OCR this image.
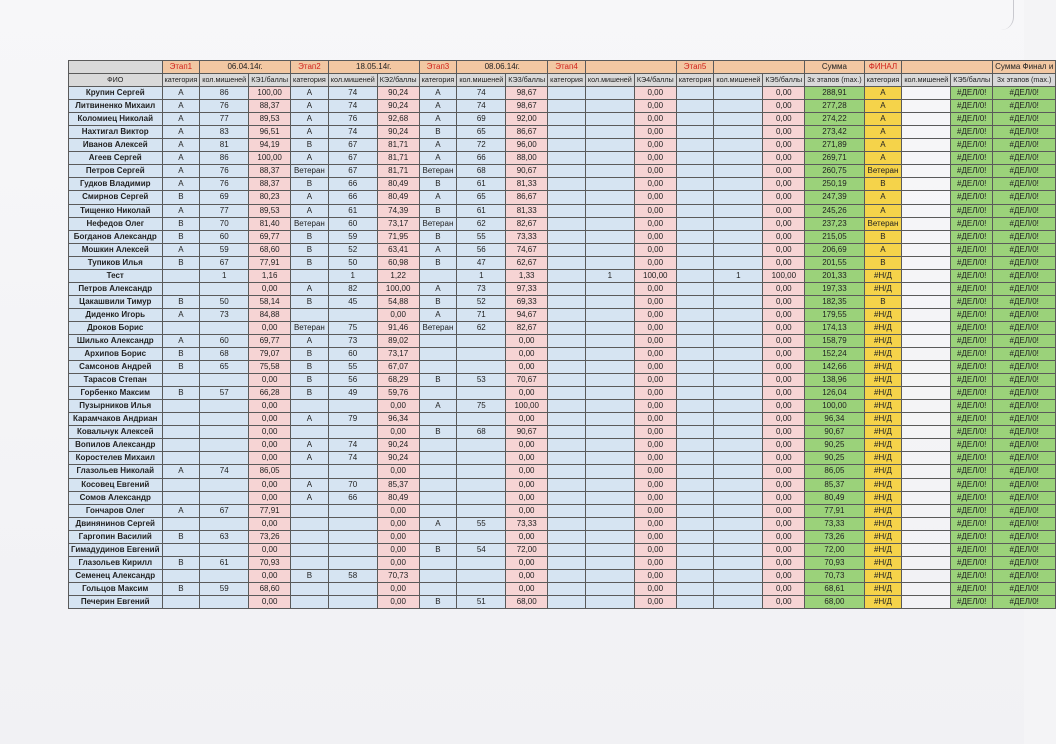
	Этап1	06.04.14г.		Этап2	18.05.14г.		Этап3	08.06.14г.		Этап4			Этап5			Сумма	ФИНАЛ			Сумма Финал и
ФИО	категория	кол.мишеней	КЭ1/баллы	категория	кол.мишеней	КЭ2/баллы	категория	кол.мишеней	КЭ3/баллы	категория	кол.мишеней	КЭ4/баллы	категория	кол.мишеней	КЭ5/баллы	3х этапов (max.)	категория	кол.мишеней	КЭ5/баллы	3х этапов (max.)
Крупин Сергей	А	86	100,00	А	74	90,24	А	74	98,67			0,00			0,00	288,91	А		#ДЕЛ/0!	#ДЕЛ/0!
Литвиненко Михаил	А	76	88,37	А	74	90,24	А	74	98,67			0,00			0,00	277,28	А		#ДЕЛ/0!	#ДЕЛ/0!
Коломиец Николай	А	77	89,53	А	76	92,68	А	69	92,00			0,00			0,00	274,22	А		#ДЕЛ/0!	#ДЕЛ/0!
Нахтигал Виктор	А	83	96,51	А	74	90,24	В	65	86,67			0,00			0,00	273,42	А		#ДЕЛ/0!	#ДЕЛ/0!
Иванов Алексей	А	81	94,19	В	67	81,71	А	72	96,00			0,00			0,00	271,89	А		#ДЕЛ/0!	#ДЕЛ/0!
Агеев Сергей	А	86	100,00	А	67	81,71	А	66	88,00			0,00			0,00	269,71	А		#ДЕЛ/0!	#ДЕЛ/0!
Петров Сергей	А	76	88,37	Ветеран	67	81,71	Ветеран	68	90,67			0,00			0,00	260,75	Ветеран		#ДЕЛ/0!	#ДЕЛ/0!
Гудков Владимир	А	76	88,37	В	66	80,49	В	61	81,33			0,00			0,00	250,19	В		#ДЕЛ/0!	#ДЕЛ/0!
Смирнов Сергей	В	69	80,23	А	66	80,49	А	65	86,67			0,00			0,00	247,39	А		#ДЕЛ/0!	#ДЕЛ/0!
Тищенко Николай	А	77	89,53	А	61	74,39	В	61	81,33			0,00			0,00	245,26	А		#ДЕЛ/0!	#ДЕЛ/0!
Нефедов Олег	В	70	81,40	Ветеран	60	73,17	Ветеран	62	82,67			0,00			0,00	237,23	Ветеран		#ДЕЛ/0!	#ДЕЛ/0!
Богданов Александр	В	60	69,77	В	59	71,95	В	55	73,33			0,00			0,00	215,05	В		#ДЕЛ/0!	#ДЕЛ/0!
Мошкин Алексей	А	59	68,60	В	52	63,41	А	56	74,67			0,00			0,00	206,69	А		#ДЕЛ/0!	#ДЕЛ/0!
Тупиков Илья	В	67	77,91	В	50	60,98	В	47	62,67			0,00			0,00	201,55	В		#ДЕЛ/0!	#ДЕЛ/0!
Тест		1	1,16		1	1,22		1	1,33		1	100,00		1	100,00	201,33	#Н/Д		#ДЕЛ/0!	#ДЕЛ/0!
Петров Александр			0,00	А	82	100,00	А	73	97,33			0,00			0,00	197,33	#Н/Д		#ДЕЛ/0!	#ДЕЛ/0!
Цакашвили Тимур	В	50	58,14	В	45	54,88	В	52	69,33			0,00			0,00	182,35	В		#ДЕЛ/0!	#ДЕЛ/0!
Диденко Игорь	А	73	84,88			0,00	А	71	94,67			0,00			0,00	179,55	#Н/Д		#ДЕЛ/0!	#ДЕЛ/0!
Дроков Борис			0,00	Ветеран	75	91,46	Ветеран	62	82,67			0,00			0,00	174,13	#Н/Д		#ДЕЛ/0!	#ДЕЛ/0!
Шилько Александр	А	60	69,77	А	73	89,02			0,00			0,00			0,00	158,79	#Н/Д		#ДЕЛ/0!	#ДЕЛ/0!
Архипов Борис	В	68	79,07	В	60	73,17			0,00			0,00			0,00	152,24	#Н/Д		#ДЕЛ/0!	#ДЕЛ/0!
Самсонов Андрей	В	65	75,58	В	55	67,07			0,00			0,00			0,00	142,66	#Н/Д		#ДЕЛ/0!	#ДЕЛ/0!
Тарасов Степан			0,00	В	56	68,29	В	53	70,67			0,00			0,00	138,96	#Н/Д		#ДЕЛ/0!	#ДЕЛ/0!
Горбенко Максим	В	57	66,28	В	49	59,76			0,00			0,00			0,00	126,04	#Н/Д		#ДЕЛ/0!	#ДЕЛ/0!
Пузырников Илья			0,00			0,00	А	75	100,00			0,00			0,00	100,00	#Н/Д		#ДЕЛ/0!	#ДЕЛ/0!
Карамчаков Андриан			0,00	А	79	96,34			0,00			0,00			0,00	96,34	#Н/Д		#ДЕЛ/0!	#ДЕЛ/0!
Ковальчук Алексей			0,00			0,00	В	68	90,67			0,00			0,00	90,67	#Н/Д		#ДЕЛ/0!	#ДЕЛ/0!
Вопилов Александр			0,00	А	74	90,24			0,00			0,00			0,00	90,25	#Н/Д		#ДЕЛ/0!	#ДЕЛ/0!
Коростелев Михаил			0,00	А	74	90,24			0,00			0,00			0,00	90,25	#Н/Д		#ДЕЛ/0!	#ДЕЛ/0!
Глазольев Николай	А	74	86,05			0,00			0,00			0,00			0,00	86,05	#Н/Д		#ДЕЛ/0!	#ДЕЛ/0!
Косовец Евгений			0,00	А	70	85,37			0,00			0,00			0,00	85,37	#Н/Д		#ДЕЛ/0!	#ДЕЛ/0!
Сомов Александр			0,00	А	66	80,49			0,00			0,00			0,00	80,49	#Н/Д		#ДЕЛ/0!	#ДЕЛ/0!
Гончаров Олег	А	67	77,91			0,00			0,00			0,00			0,00	77,91	#Н/Д		#ДЕЛ/0!	#ДЕЛ/0!
Двинянинов Сергей			0,00			0,00	А	55	73,33			0,00			0,00	73,33	#Н/Д		#ДЕЛ/0!	#ДЕЛ/0!
Гаргопин Василий	В	63	73,26			0,00			0,00			0,00			0,00	73,26	#Н/Д		#ДЕЛ/0!	#ДЕЛ/0!
Гимадудинов Евгений			0,00			0,00	В	54	72,00			0,00			0,00	72,00	#Н/Д		#ДЕЛ/0!	#ДЕЛ/0!
Глазольев Кирилл	В	61	70,93			0,00			0,00			0,00			0,00	70,93	#Н/Д		#ДЕЛ/0!	#ДЕЛ/0!
Семенец Александр			0,00	В	58	70,73			0,00			0,00			0,00	70,73	#Н/Д		#ДЕЛ/0!	#ДЕЛ/0!
Гольцов Максим	В	59	68,60			0,00			0,00			0,00			0,00	68,61	#Н/Д		#ДЕЛ/0!	#ДЕЛ/0!
Печерин Евгений			0,00			0,00	В	51	68,00			0,00			0,00	68,00	#Н/Д		#ДЕЛ/0!	#ДЕЛ/0!
